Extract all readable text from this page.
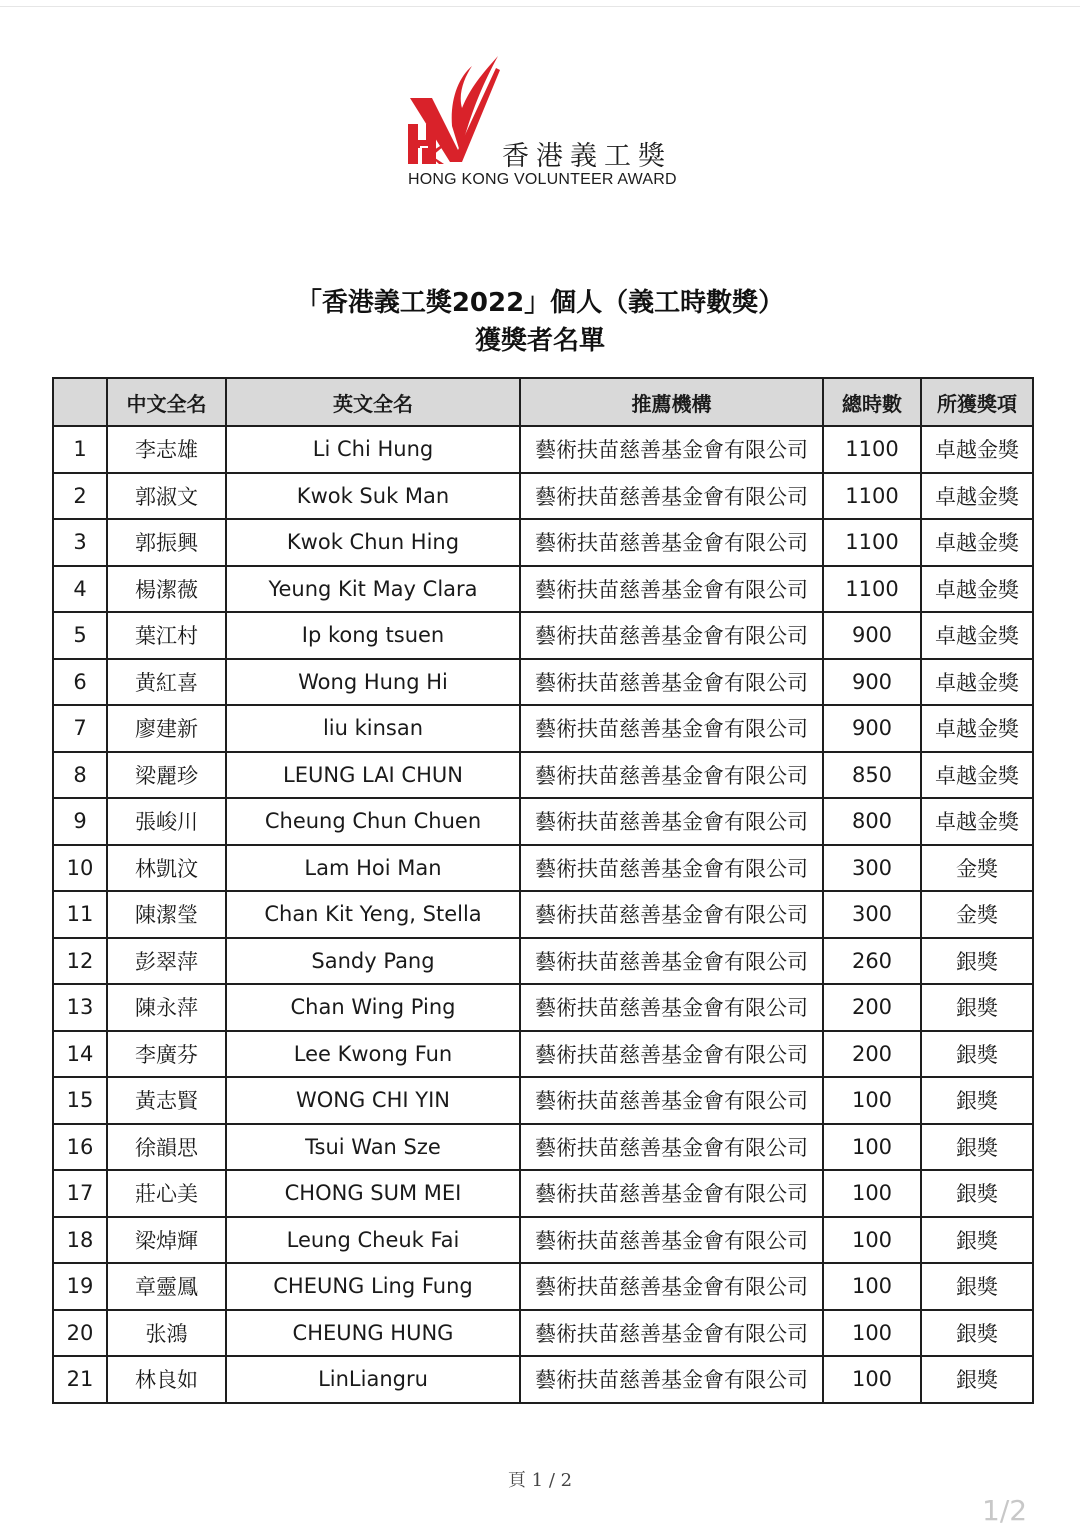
香港義工獎
HONG KONG VOLUNTEER AWARD
「香港義工獎2022」個人（義工時數獎）
獲獎者名單
	中文全名	英文全名	推薦機構	總時數	所獲獎項
1	李志雄	Li Chi Hung	藝術扶苗慈善基金會有限公司	1100	卓越金獎
2	郭淑文	Kwok Suk Man	藝術扶苗慈善基金會有限公司	1100	卓越金獎
3	郭振興	Kwok Chun Hing	藝術扶苗慈善基金會有限公司	1100	卓越金獎
4	楊潔薇	Yeung Kit May Clara	藝術扶苗慈善基金會有限公司	1100	卓越金獎
5	葉江村	Ip kong tsuen	藝術扶苗慈善基金會有限公司	900	卓越金獎
6	黄紅喜	Wong Hung Hi	藝術扶苗慈善基金會有限公司	900	卓越金獎
7	廖建新	liu kinsan	藝術扶苗慈善基金會有限公司	900	卓越金獎
8	梁麗珍	LEUNG LAI CHUN	藝術扶苗慈善基金會有限公司	850	卓越金獎
9	張峻川	Cheung Chun Chuen	藝術扶苗慈善基金會有限公司	800	卓越金獎
10	林凱汶	Lam Hoi Man	藝術扶苗慈善基金會有限公司	300	金獎
11	陳潔瑩	Chan Kit Yeng, Stella	藝術扶苗慈善基金會有限公司	300	金獎
12	彭翠萍	Sandy Pang	藝術扶苗慈善基金會有限公司	260	銀獎
13	陳永萍	Chan Wing Ping	藝術扶苗慈善基金會有限公司	200	銀獎
14	李廣芬	Lee Kwong Fun	藝術扶苗慈善基金會有限公司	200	銀獎
15	黃志賢	WONG CHI YIN	藝術扶苗慈善基金會有限公司	100	銀獎
16	徐韻思	Tsui Wan Sze	藝術扶苗慈善基金會有限公司	100	銀獎
17	莊心美	CHONG SUM MEI	藝術扶苗慈善基金會有限公司	100	銀獎
18	梁焯輝	Leung Cheuk Fai	藝術扶苗慈善基金會有限公司	100	銀獎
19	章靈鳳	CHEUNG Ling Fung	藝術扶苗慈善基金會有限公司	100	銀獎
20	张鴻	CHEUNG HUNG	藝術扶苗慈善基金會有限公司	100	銀獎
21	林良如	LinLiangru	藝術扶苗慈善基金會有限公司	100	銀獎
頁 1 / 2
1/2
